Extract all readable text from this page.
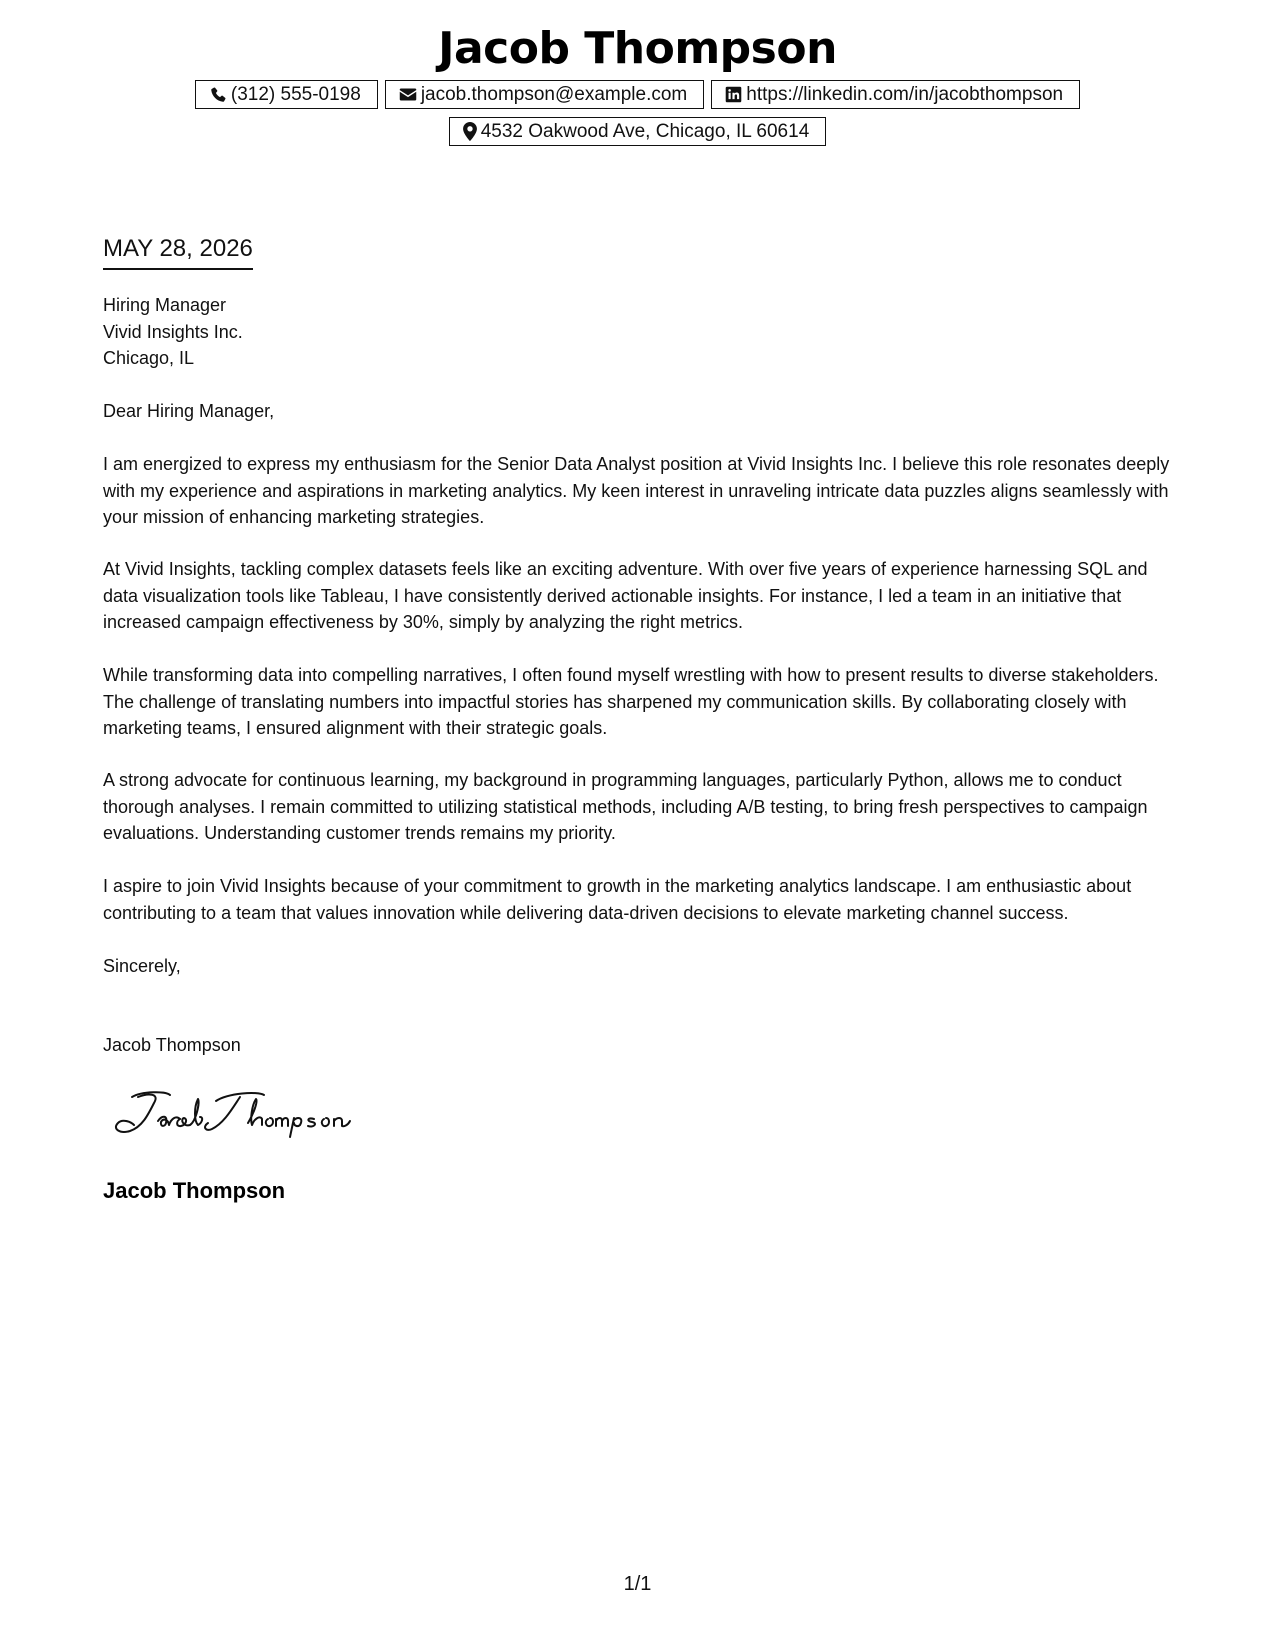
Jacob Thompson
(312) 555-0198	jacob.thompson@example.com	https://linkedin.com/in/jacobthompson
4532 Oakwood Ave, Chicago, IL 60614
MAY 28, 2026
Hiring Manager
Vivid Insights Inc.
Chicago, IL
Dear Hiring Manager,

I am energized to express my enthusiasm for the Senior Data Analyst position at Vivid Insights Inc. I believe this role resonates deeply with my experience and aspirations in marketing analytics. My keen interest in unraveling intricate data puzzles aligns seamlessly with your mission of enhancing marketing strategies.

At Vivid Insights, tackling complex datasets feels like an exciting adventure. With over five years of experience harnessing SQL and data visualization tools like Tableau, I have consistently derived actionable insights. For instance, I led a team in an initiative that increased campaign effectiveness by 30%, simply by analyzing the right metrics.

While transforming data into compelling narratives, I often found myself wrestling with how to present results to diverse stakeholders. The challenge of translating numbers into impactful stories has sharpened my communication skills. By collaborating closely with marketing teams, I ensured alignment with their strategic goals.

A strong advocate for continuous learning, my background in programming languages, particularly Python, allows me to conduct thorough analyses. I remain committed to utilizing statistical methods, including A/B testing, to bring fresh perspectives to campaign evaluations. Understanding customer trends remains my priority.

I aspire to join Vivid Insights because of your commitment to growth in the marketing analytics landscape. I am enthusiastic about contributing to a team that values innovation while delivering data-driven decisions to elevate marketing channel success.

Sincerely,
Jacob Thompson
Jacob Thompson
1/1
